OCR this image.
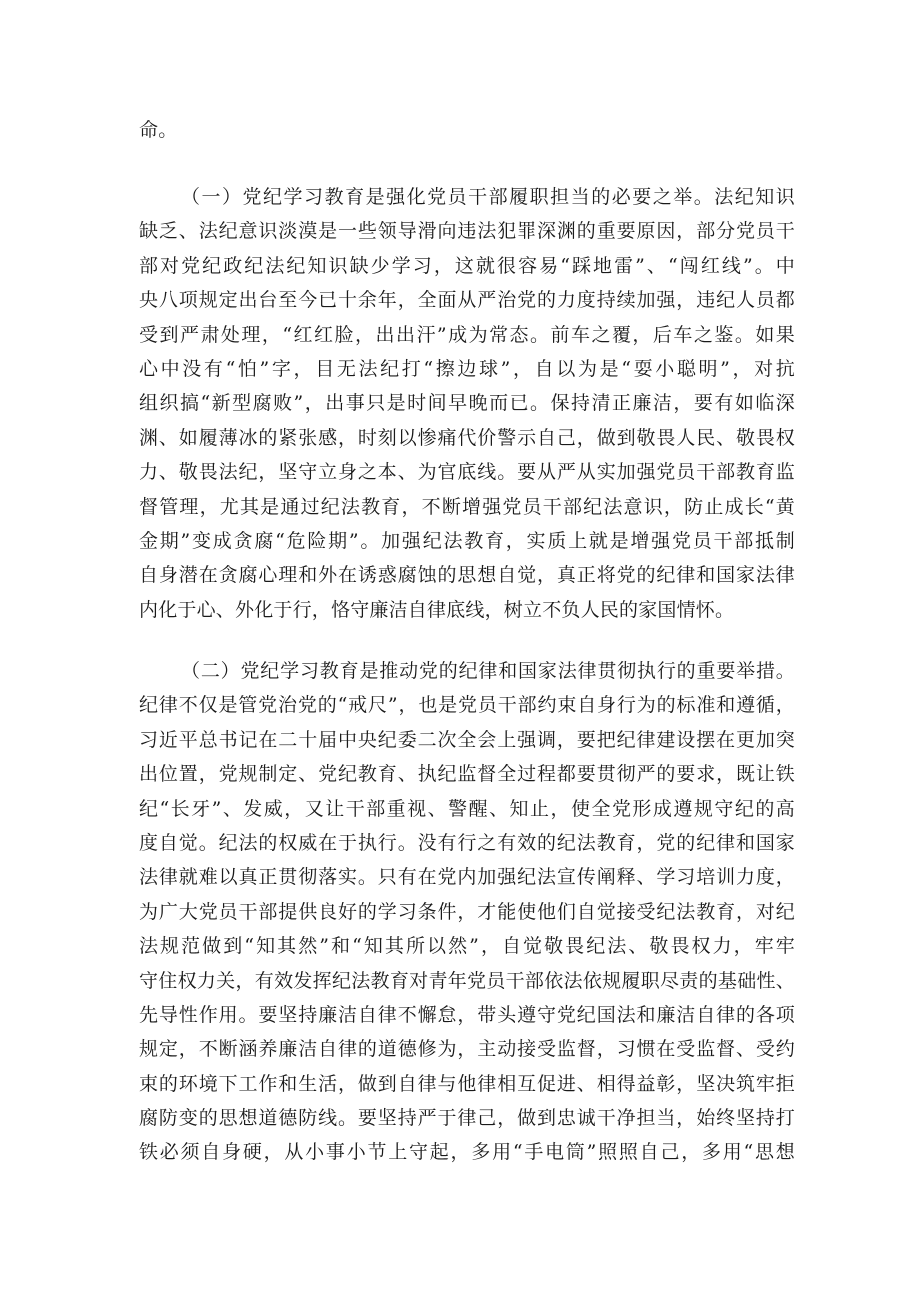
命。
（一）党纪学习教育是强化党员干部履职担当的必要之举。法纪知识
缺乏、法纪意识淡漠是一些领导滑向违法犯罪深渊的重要原因，部分党员干
部对党纪政纪法纪知识缺少学习，这就很容易“踩地雷”、“闯红线”。中
央八项规定出台至今已十余年，全面从严治党的力度持续加强，违纪人员都
受到严肃处理，“红红脸，出出汗”成为常态。前车之覆，后车之鉴。如果
心中没有“怕”字，目无法纪打“擦边球”，自以为是“耍小聪明”，对抗
组织搞“新型腐败”，出事只是时间早晚而已。保持清正廉洁，要有如临深
渊、如履薄冰的紧张感，时刻以惨痛代价警示自己，做到敬畏人民、敬畏权
力、敬畏法纪，坚守立身之本、为官底线。要从严从实加强党员干部教育监
督管理，尤其是通过纪法教育，不断增强党员干部纪法意识，防止成长“黄
金期”变成贪腐“危险期”。加强纪法教育，实质上就是增强党员干部抵制
自身潜在贪腐心理和外在诱惑腐蚀的思想自觉，真正将党的纪律和国家法律
内化于心、外化于行，恪守廉洁自律底线，树立不负人民的家国情怀。
（二）党纪学习教育是推动党的纪律和国家法律贯彻执行的重要举措。
纪律不仅是管党治党的“戒尺”，也是党员干部约束自身行为的标准和遵循，
习近平总书记在二十届中央纪委二次全会上强调，要把纪律建设摆在更加突
出位置，党规制定、党纪教育、执纪监督全过程都要贯彻严的要求，既让铁
纪“长牙”、发威，又让干部重视、警醒、知止，使全党形成遵规守纪的高
度自觉。纪法的权威在于执行。没有行之有效的纪法教育，党的纪律和国家
法律就难以真正贯彻落实。只有在党内加强纪法宣传阐释、学习培训力度，
为广大党员干部提供良好的学习条件，才能使他们自觉接受纪法教育，对纪
法规范做到“知其然”和“知其所以然”，自觉敬畏纪法、敬畏权力，牢牢
守住权力关，有效发挥纪法教育对青年党员干部依法依规履职尽责的基础性、
先导性作用。要坚持廉洁自律不懈怠，带头遵守党纪国法和廉洁自律的各项
规定，不断涵养廉洁自律的道德修为，主动接受监督，习惯在受监督、受约
束的环境下工作和生活，做到自律与他律相互促进、相得益彰，坚决筑牢拒
腐防变的思想道德防线。要坚持严于律己，做到忠诚干净担当，始终坚持打
铁必须自身硬，从小事小节上守起，多用“手电筒”照照自己，多用“思想
